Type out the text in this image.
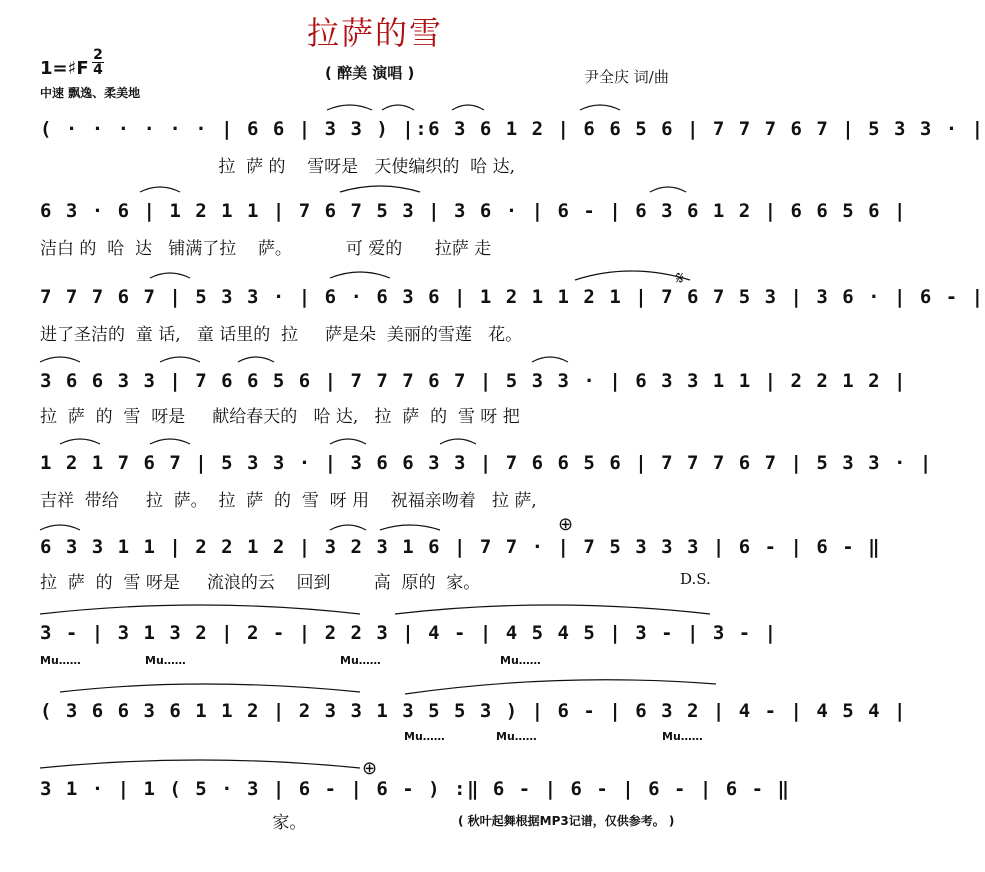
拉萨的雪
1=♯F
2
4
中速 飘逸、柔美地
( 醉美 演唱 )	尹全庆 词/曲
( · · · · · · | 6 6 | 3 3 ) |:6 3 6 1 2 | 6 6 5 6 | 7 7 7 6 7 | 5 3 3 · |
拉  萨 的    雪呀是   天使编织的  哈 达,
6 3 · 6 | 1 2 1 1 | 7 6 7 5 3 | 3 6 · | 6 - | 6 3 6 1 2 | 6 6 5 6 |
洁白 的  哈  达   铺满了拉    萨。          可 爱的      拉萨 走
7 7 7 6 7 | 5 3 3 · | 6 · 6 3 6 | 1 2 1 1 2 1 | 7 6 7 5 3 | 3 6 · | 6 - |
进了圣洁的  童 话,   童 话里的  拉     萨是朵  美丽的雪莲   花。
𝄋
3 6 6 3 3 | 7 6 6 5 6 | 7 7 7 6 7 | 5 3 3 · | 6 3 3 1 1 | 2 2 1 2 |
拉  萨  的  雪  呀是     献给春天的   哈 达,   拉  萨  的  雪 呀 把
1 2 1 7 6 7 | 5 3 3 · | 3 6 6 3 3 | 7 6 6 5 6 | 7 7 7 6 7 | 5 3 3 · |
吉祥  带给     拉  萨。  拉  萨  的  雪  呀 用    祝福亲吻着   拉 萨,
6 3 3 1 1 | 2 2 1 2 | 3 2 3 1 6 | 7 7 · | 7 5 3 3 3 | 6 - | 6 - ‖
拉  萨  的  雪 呀是     流浪的云    回到        高  原的  家。
⊕
D.S.
3 - | 3 1 3 2 | 2 - | 2 2 3 | 4 - | 4 5 4 5 | 3 - | 3 - |
Mu……	Mu……	Mu……	Mu……
( 3 6 6 3 6 1 1 2 | 2 3 3 1 3 5 5 3 ) | 6 - | 6 3 2 | 4 - | 4 5 4 |
Mu……	Mu……	Mu……
3 1 · | 1 ( 5 · 3 | 6 - | 6 - ) :‖ 6 - | 6 - | 6 - | 6 - ‖
家。	( 秋叶起舞根据MP3记谱，仅供参考。 )
⊕
